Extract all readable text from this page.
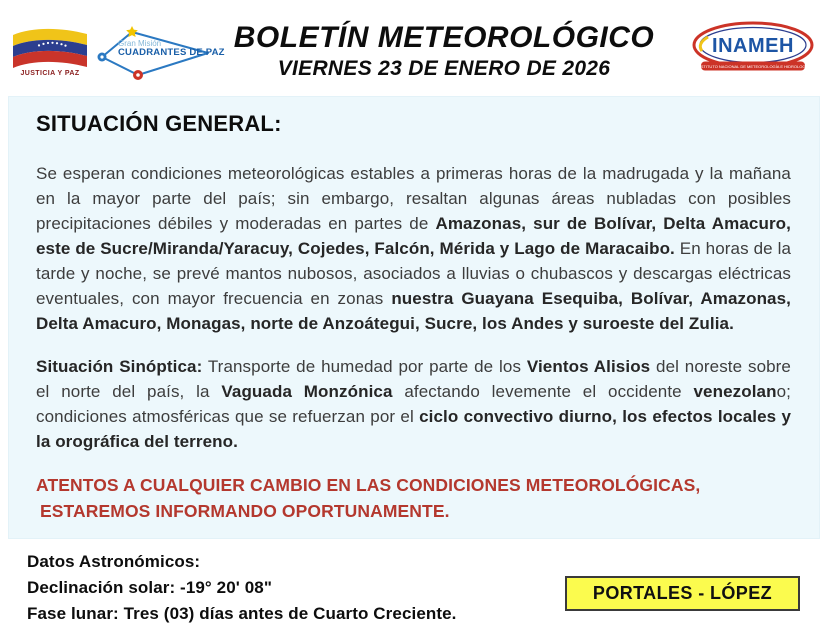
JUSTICIA Y PAZ
Gran Misión
CUADRANTES DE PAZ BOLETÍN METEOROLÓGICO
VIERNES 23 DE ENERO DE 2026
INAMEH
INSTITUTO NACIONAL DE METEOROLOGÍA E HIDROLOGÍA
SITUACIÓN GENERAL:
Se esperan condiciones meteorológicas estables a primeras horas de la madrugada y la mañana en la mayor parte del país; sin embargo, resaltan algunas áreas nubladas con posibles precipitaciones débiles y moderadas en partes de Amazonas, sur de Bolívar, Delta Amacuro, este de Sucre/Miranda/Yaracuy, Cojedes, Falcón, Mérida y Lago de Maracaibo. En horas de la tarde y noche, se prevé mantos nubosos, asociados a lluvias o chubascos y descargas eléctricas eventuales, con mayor frecuencia en zonas nuestra Guayana Esequiba, Bolívar, Amazonas, Delta Amacuro, Monagas, norte de Anzoátegui, Sucre, los Andes y suroeste del Zulia.
Situación Sinóptica: Transporte de humedad por parte de los Vientos Alisios del noreste sobre el norte del país, la Vaguada Monzónica afectando levemente el occidente venezolano; condiciones atmosféricas que se refuerzan por el ciclo convectivo diurno, los efectos locales y la orográfica del terreno.
ATENTOS A CUALQUIER CAMBIO EN LAS CONDICIONES METEOROLÓGICAS,
ESTAREMOS INFORMANDO OPORTUNAMENTE.
Datos Astronómicos:
Declinación solar: -19° 20' 08"
Fase lunar: Tres (03) días antes de Cuarto Creciente.
PORTALES - LÓPEZ
